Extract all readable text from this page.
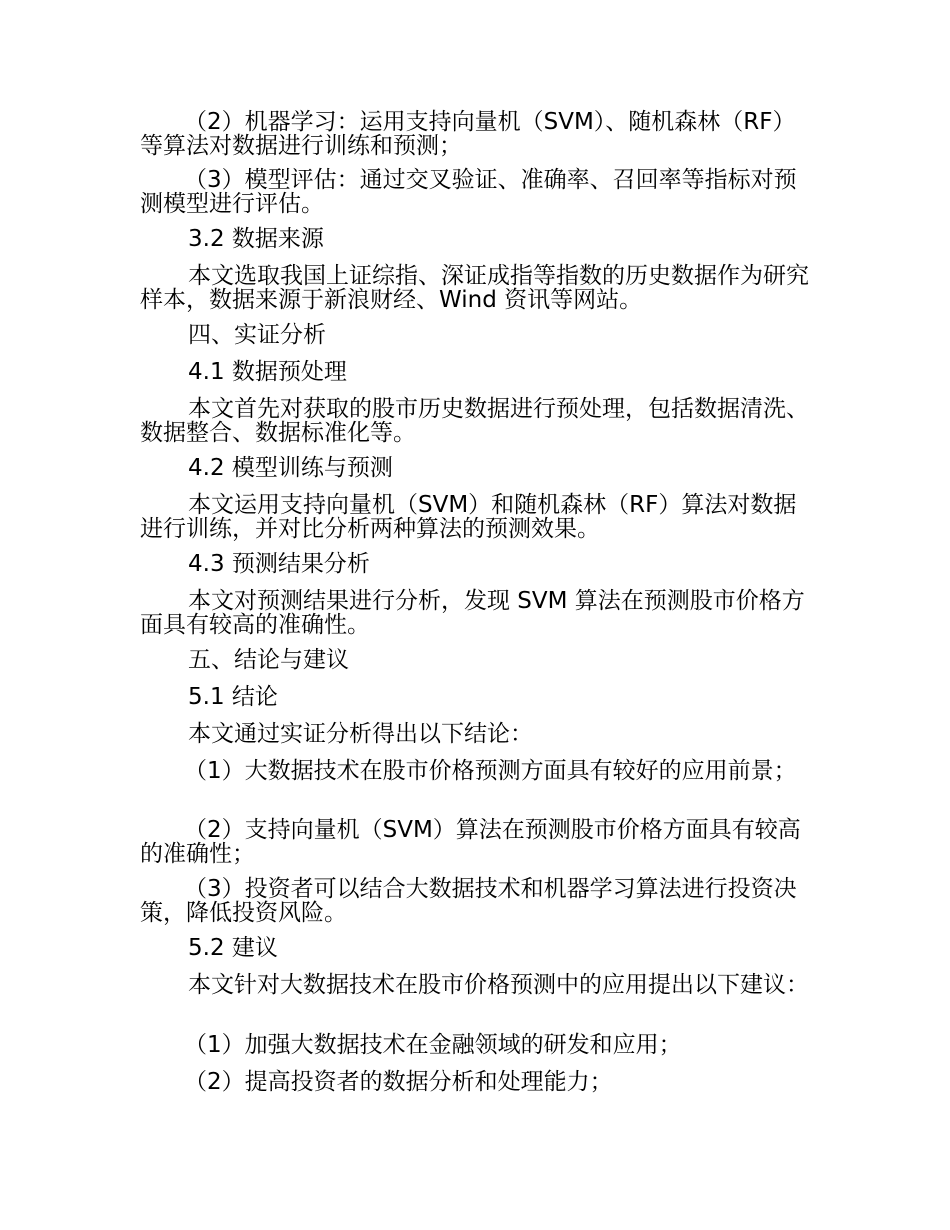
（2）机器学习：运用支持向量机（SVM）、随机森林（RF）等算法对数据进行训练和预测；

（3）模型评估：通过交叉验证、准确率、召回率等指标对预测模型进行评估。

3.2 数据来源

本文选取我国上证综指、深证成指等指数的历史数据作为研究样本，数据来源于新浪财经、Wind 资讯等网站。

四、实证分析

4.1 数据预处理

本文首先对获取的股市历史数据进行预处理，包括数据清洗、数据整合、数据标准化等。

4.2 模型训练与预测

本文运用支持向量机（SVM）和随机森林（RF）算法对数据进行训练，并对比分析两种算法的预测效果。

4.3 预测结果分析

本文对预测结果进行分析，发现 SVM 算法在预测股市价格方面具有较高的准确性。

五、结论与建议

5.1 结论

本文通过实证分析得出以下结论：

（1）大数据技术在股市价格预测方面具有较好的应用前景；

（2）支持向量机（SVM）算法在预测股市价格方面具有较高的准确性；

（3）投资者可以结合大数据技术和机器学习算法进行投资决策，降低投资风险。

5.2 建议

本文针对大数据技术在股市价格预测中的应用提出以下建议：

（1）加强大数据技术在金融领域的研发和应用；

（2）提高投资者的数据分析和处理能力；
